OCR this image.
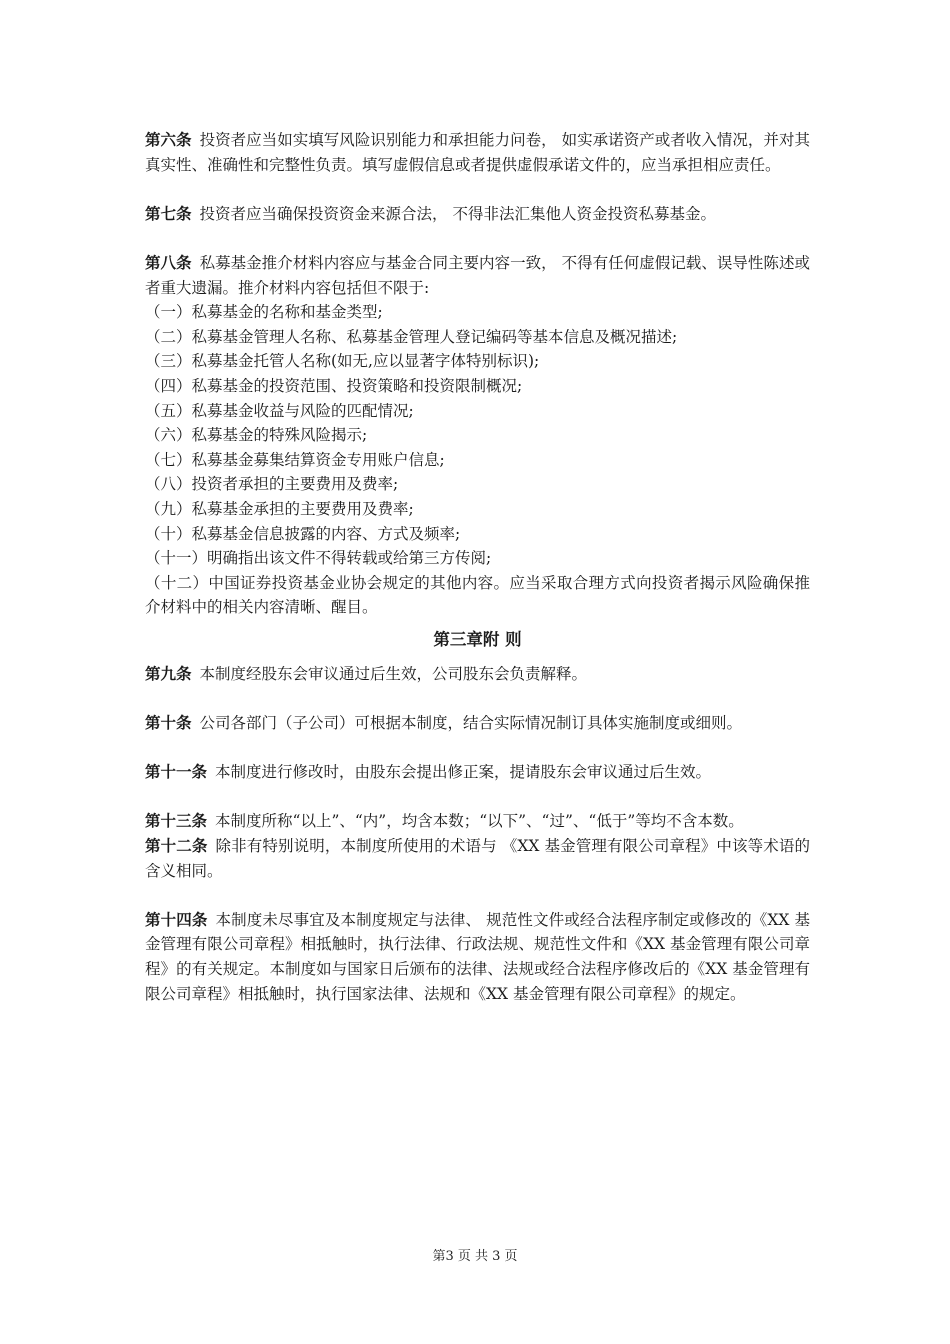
第六条 投资者应当如实填写风险识别能力和承担能力问卷， 如实承诺资产或者收入情况，并对其真实性、准确性和完整性负责。填写虚假信息或者提供虚假承诺文件的，应当承担相应责任。

第七条 投资者应当确保投资资金来源合法， 不得非法汇集他人资金投资私募基金。

第八条 私募基金推介材料内容应与基金合同主要内容一致， 不得有任何虚假记载、误导性陈述或者重大遗漏。推介材料内容包括但不限于:

（一）私募基金的名称和基金类型;

（二）私募基金管理人名称、私募基金管理人登记编码等基本信息及概况描述;

（三）私募基金托管人名称(如无,应以显著字体特别标识);

（四）私募基金的投资范围、投资策略和投资限制概况;

（五）私募基金收益与风险的匹配情况;

（六）私募基金的特殊风险揭示;

（七）私募基金募集结算资金专用账户信息;

（八）投资者承担的主要费用及费率;

（九）私募基金承担的主要费用及费率;

（十）私募基金信息披露的内容、方式及频率;

（十一）明确指出该文件不得转载或给第三方传阅;

（十二）中国证券投资基金业协会规定的其他内容。应当采取合理方式向投资者揭示风险确保推介材料中的相关内容清晰、醒目。

第三章附 则

第九条 本制度经股东会审议通过后生效，公司股东会负责解释。

第十条 公司各部门（子公司）可根据本制度，结合实际情况制订具体实施制度或细则。

第十一条 本制度进行修改时，由股东会提出修正案，提请股东会审议通过后生效。

第十三条 本制度所称“以上”、“内”，均含本数；“以下”、“过”、“低于”等均不含本数。

第十二条 除非有特别说明，本制度所使用的术语与 《XX 基金管理有限公司章程》中该等术语的含义相同。

第十四条 本制度未尽事宜及本制度规定与法律、 规范性文件或经合法程序制定或修改的《XX 基金管理有限公司章程》相抵触时，执行法律、行政法规、规范性文件和《XX 基金管理有限公司章程》的有关规定。本制度如与国家日后颁布的法律、法规或经合法程序修改后的《XX 基金管理有限公司章程》相抵触时，执行国家法律、法规和《XX 基金管理有限公司章程》的规定。

第3 页 共 3 页
